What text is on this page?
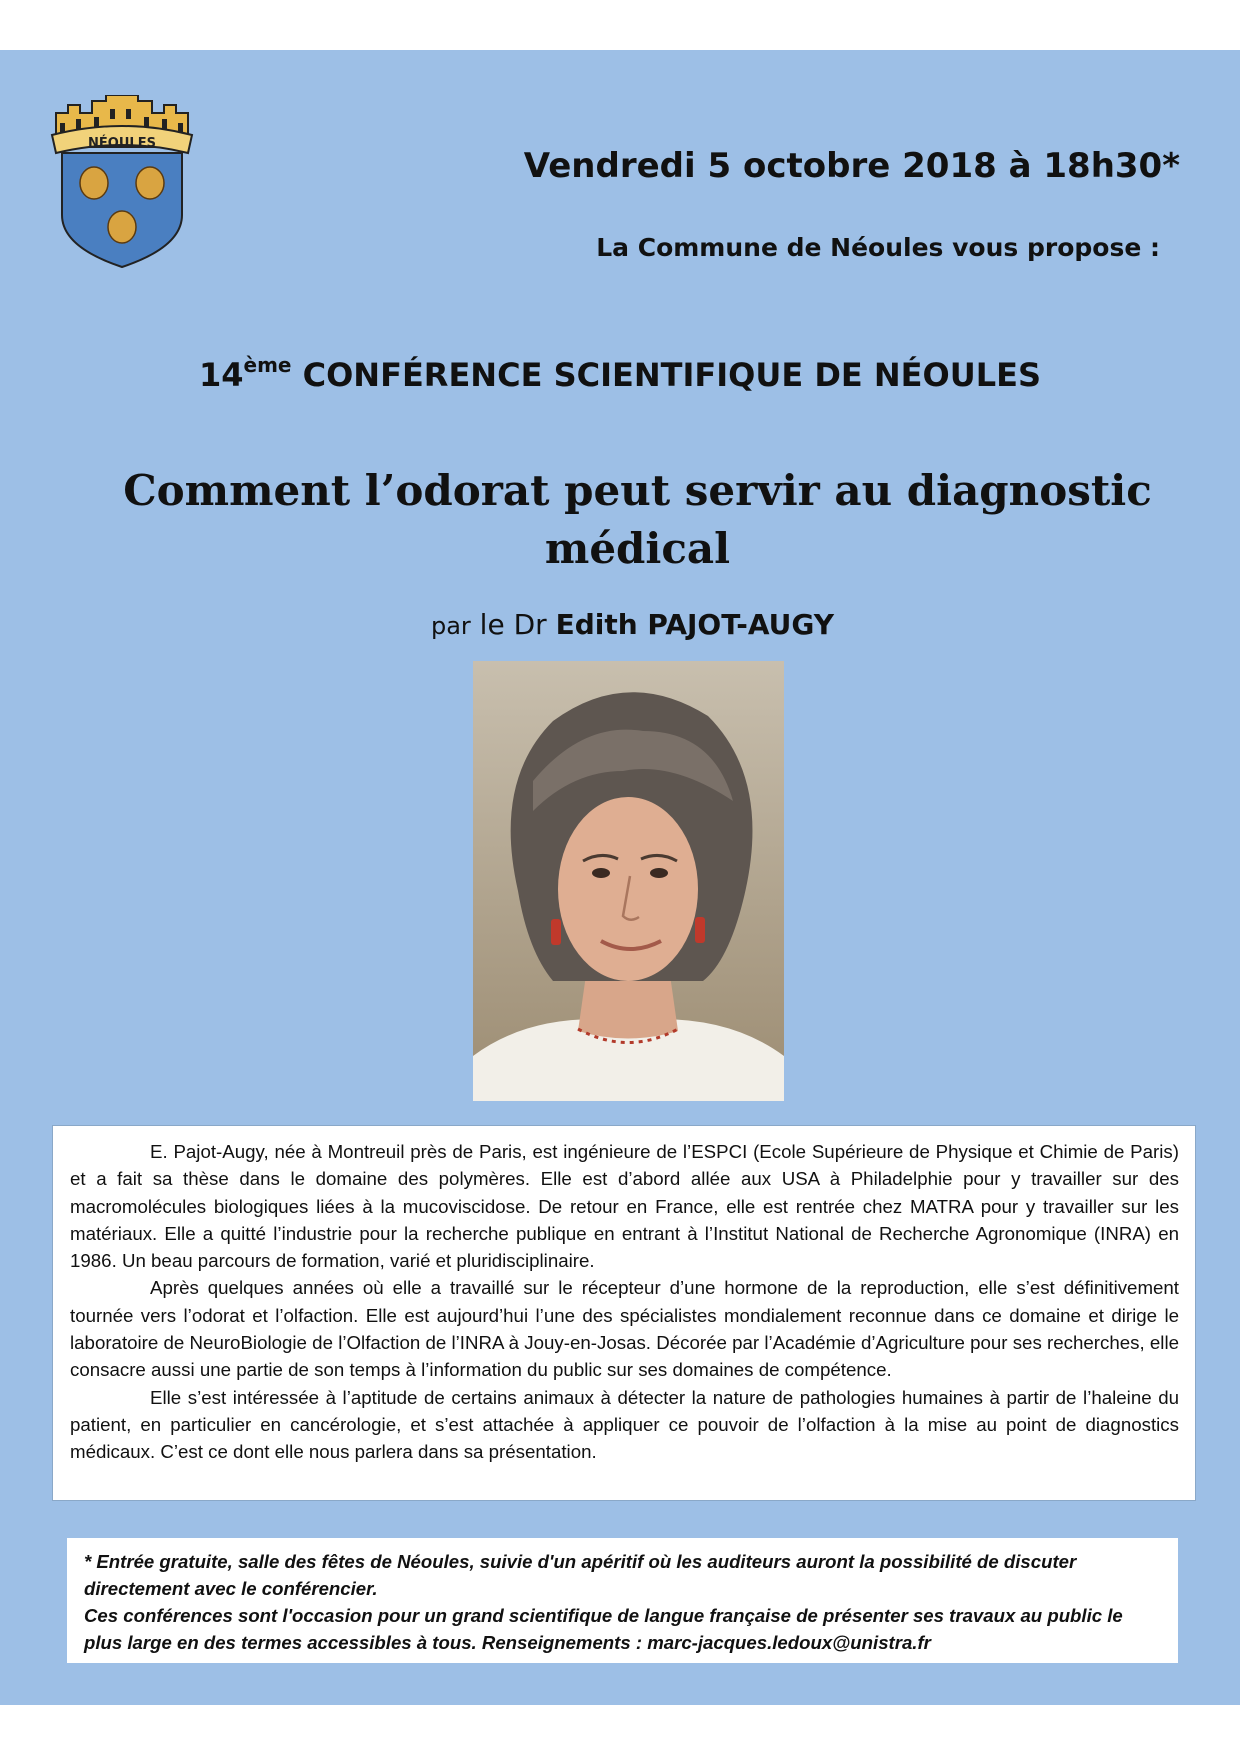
NÉOULES
Vendredi 5 octobre 2018 à 18h30*
La Commune de Néoules vous propose :
14ème CONFÉRENCE SCIENTIFIQUE DE NÉOULES
Comment l’odorat peut servir au diagnostic médical
par le Dr Edith PAJOT-AUGY

E. Pajot-Augy, née à Montreuil près de Paris, est ingénieure de l’ESPCI (Ecole Supérieure de Physique et Chimie de Paris) et a fait sa thèse dans le domaine des polymères. Elle est d’abord allée aux USA à Philadelphie pour y travailler sur des macromolécules biologiques liées à la mucoviscidose. De retour en France, elle est rentrée chez MATRA pour y travailler sur les matériaux. Elle a quitté l’industrie pour la recherche publique en entrant à l’Institut National de Recherche Agronomique (INRA) en 1986. Un beau parcours de formation, varié et pluridisciplinaire.

Après quelques années où elle a travaillé sur le récepteur d’une hormone de la reproduction, elle s’est définitivement tournée vers l’odorat et l’olfaction. Elle est aujourd’hui l’une des spécialistes mondialement reconnue dans ce domaine et dirige le laboratoire de NeuroBiologie de l’Olfaction de l’INRA à Jouy-en-Josas. Décorée par l’Académie d’Agriculture pour ses recherches, elle consacre aussi une partie de son temps à l’information du public sur ses domaines de compétence.

Elle s’est intéressée à l’aptitude de certains animaux à détecter la nature de pathologies humaines à partir de l’haleine du patient, en particulier en cancérologie, et s’est attachée à appliquer ce pouvoir de l’olfaction à la mise au point de diagnostics médicaux. C’est ce dont elle nous parlera dans sa présentation.

* Entrée gratuite, salle des fêtes de Néoules, suivie d'un apéritif où les auditeurs auront la possibilité de discuter directement avec le conférencier.

Ces conférences sont l'occasion pour un grand scientifique de langue française de présenter ses travaux au public le plus large en des termes accessibles à tous. Renseignements : marc-jacques.ledoux@unistra.fr
